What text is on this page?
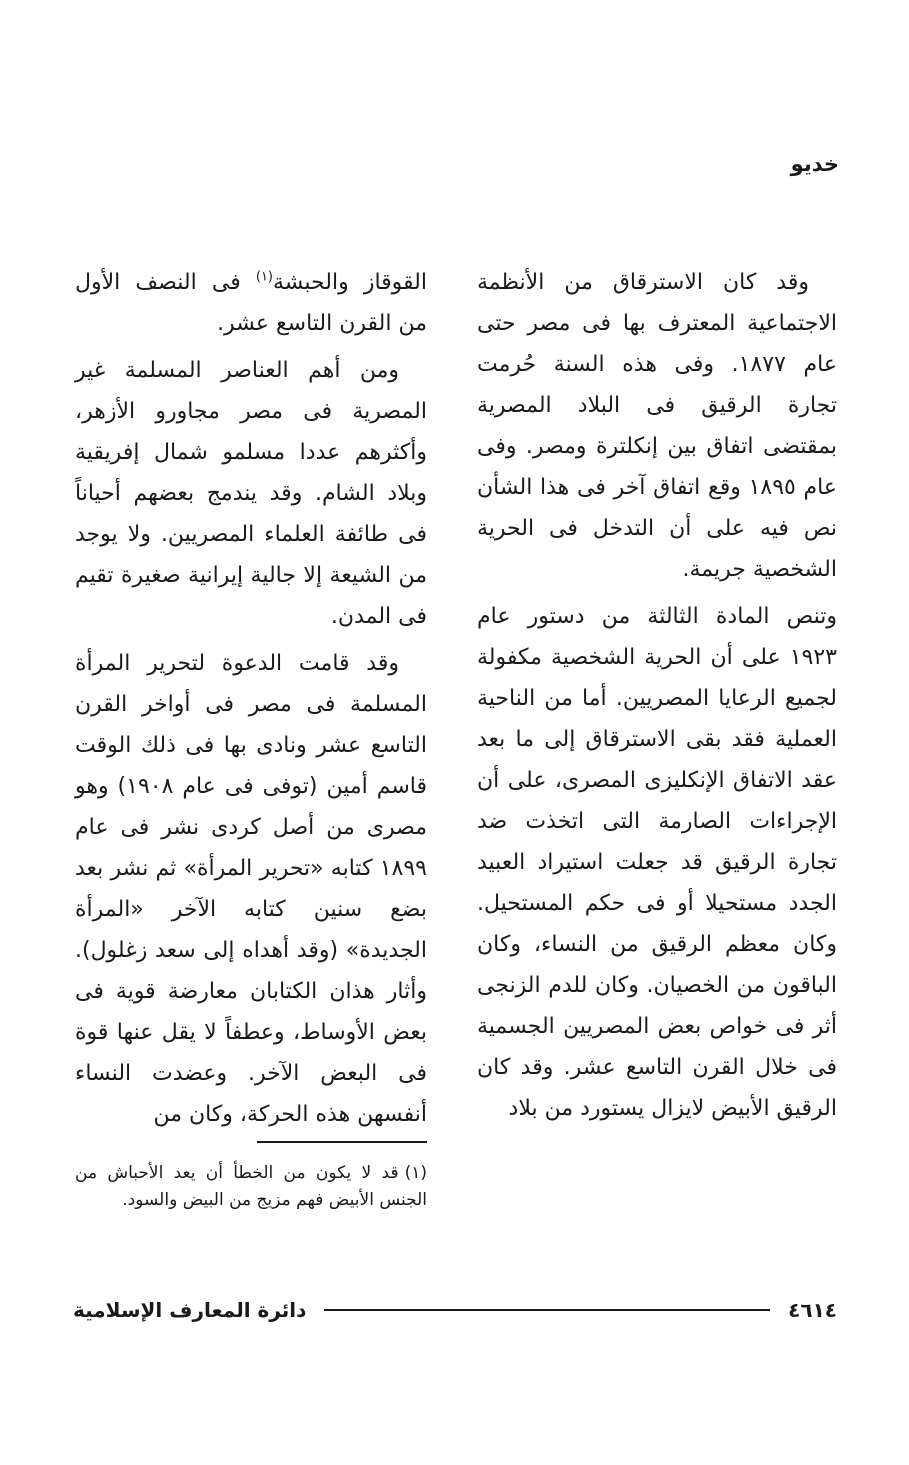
خديو

وقد كان الاسترقاق من الأنظمة الاجتماعية المعترف بها فى مصر حتى عام ١٨٧٧. وفى هذه السنة حُرمت تجارة الرقيق فى البلاد المصرية بمقتضى اتفاق بين إنكلترة ومصر. وفى عام ١٨٩٥ وقع اتفاق آخر فى هذا الشأن نص فيه على أن التدخل فى الحرية الشخصية جريمة.

وتنص المادة الثالثة من دستور عام ١٩٢٣ على أن الحرية الشخصية مكفولة لجميع الرعايا المصريين. أما من الناحية العملية فقد بقى الاسترقاق إلى ما بعد عقد الاتفاق الإنكليزى المصرى، على أن الإجراءات الصارمة التى اتخذت ضد تجارة الرقيق قد جعلت استيراد العبيد الجدد مستحيلا أو فى حكم المستحيل. وكان معظم الرقيق من النساء، وكان الباقون من الخصيان. وكان للدم الزنجى أثر فى خواص بعض المصريين الجسمية فى خلال القرن التاسع عشر. وقد كان الرقيق الأبيض لايزال يستورد من بلاد

القوقاز والحبشة$^{(١)}$ فى النصف الأول من القرن التاسع عشر.

ومن أهم العناصر المسلمة غير المصرية فى مصر مجاورو الأزهر، وأكثرهم عددا مسلمو شمال إفريقية وبلاد الشام. وقد يندمج بعضهم أحياناً فى طائفة العلماء المصريين. ولا يوجد من الشيعة إلا جالية إيرانية صغيرة تقيم فى المدن.

وقد قامت الدعوة لتحرير المرأة المسلمة فى مصر فى أواخر القرن التاسع عشر ونادى بها فى ذلك الوقت قاسم أمين (توفى فى عام ١٩٠٨) وهو مصرى من أصل كردى نشر فى عام ١٨٩٩ كتابه «تحرير المرأة» ثم نشر بعد بضع سنين كتابه الآخر «المرأة الجديدة» (وقد أهداه إلى سعد زغلول). وأثار هذان الكتابان معارضة قوية فى بعض الأوساط، وعطفاً لا يقل عنها قوة فى البعض الآخر. وعضدت النساء أنفسهن هذه الحركة، وكان من

(١)قد لا يكون من الخطأ أن يعد الأحباش من الجنس الأبيض فهم مزيج من البيض والسود.
٤٦١٤
دائرة المعارف الإسلامية
